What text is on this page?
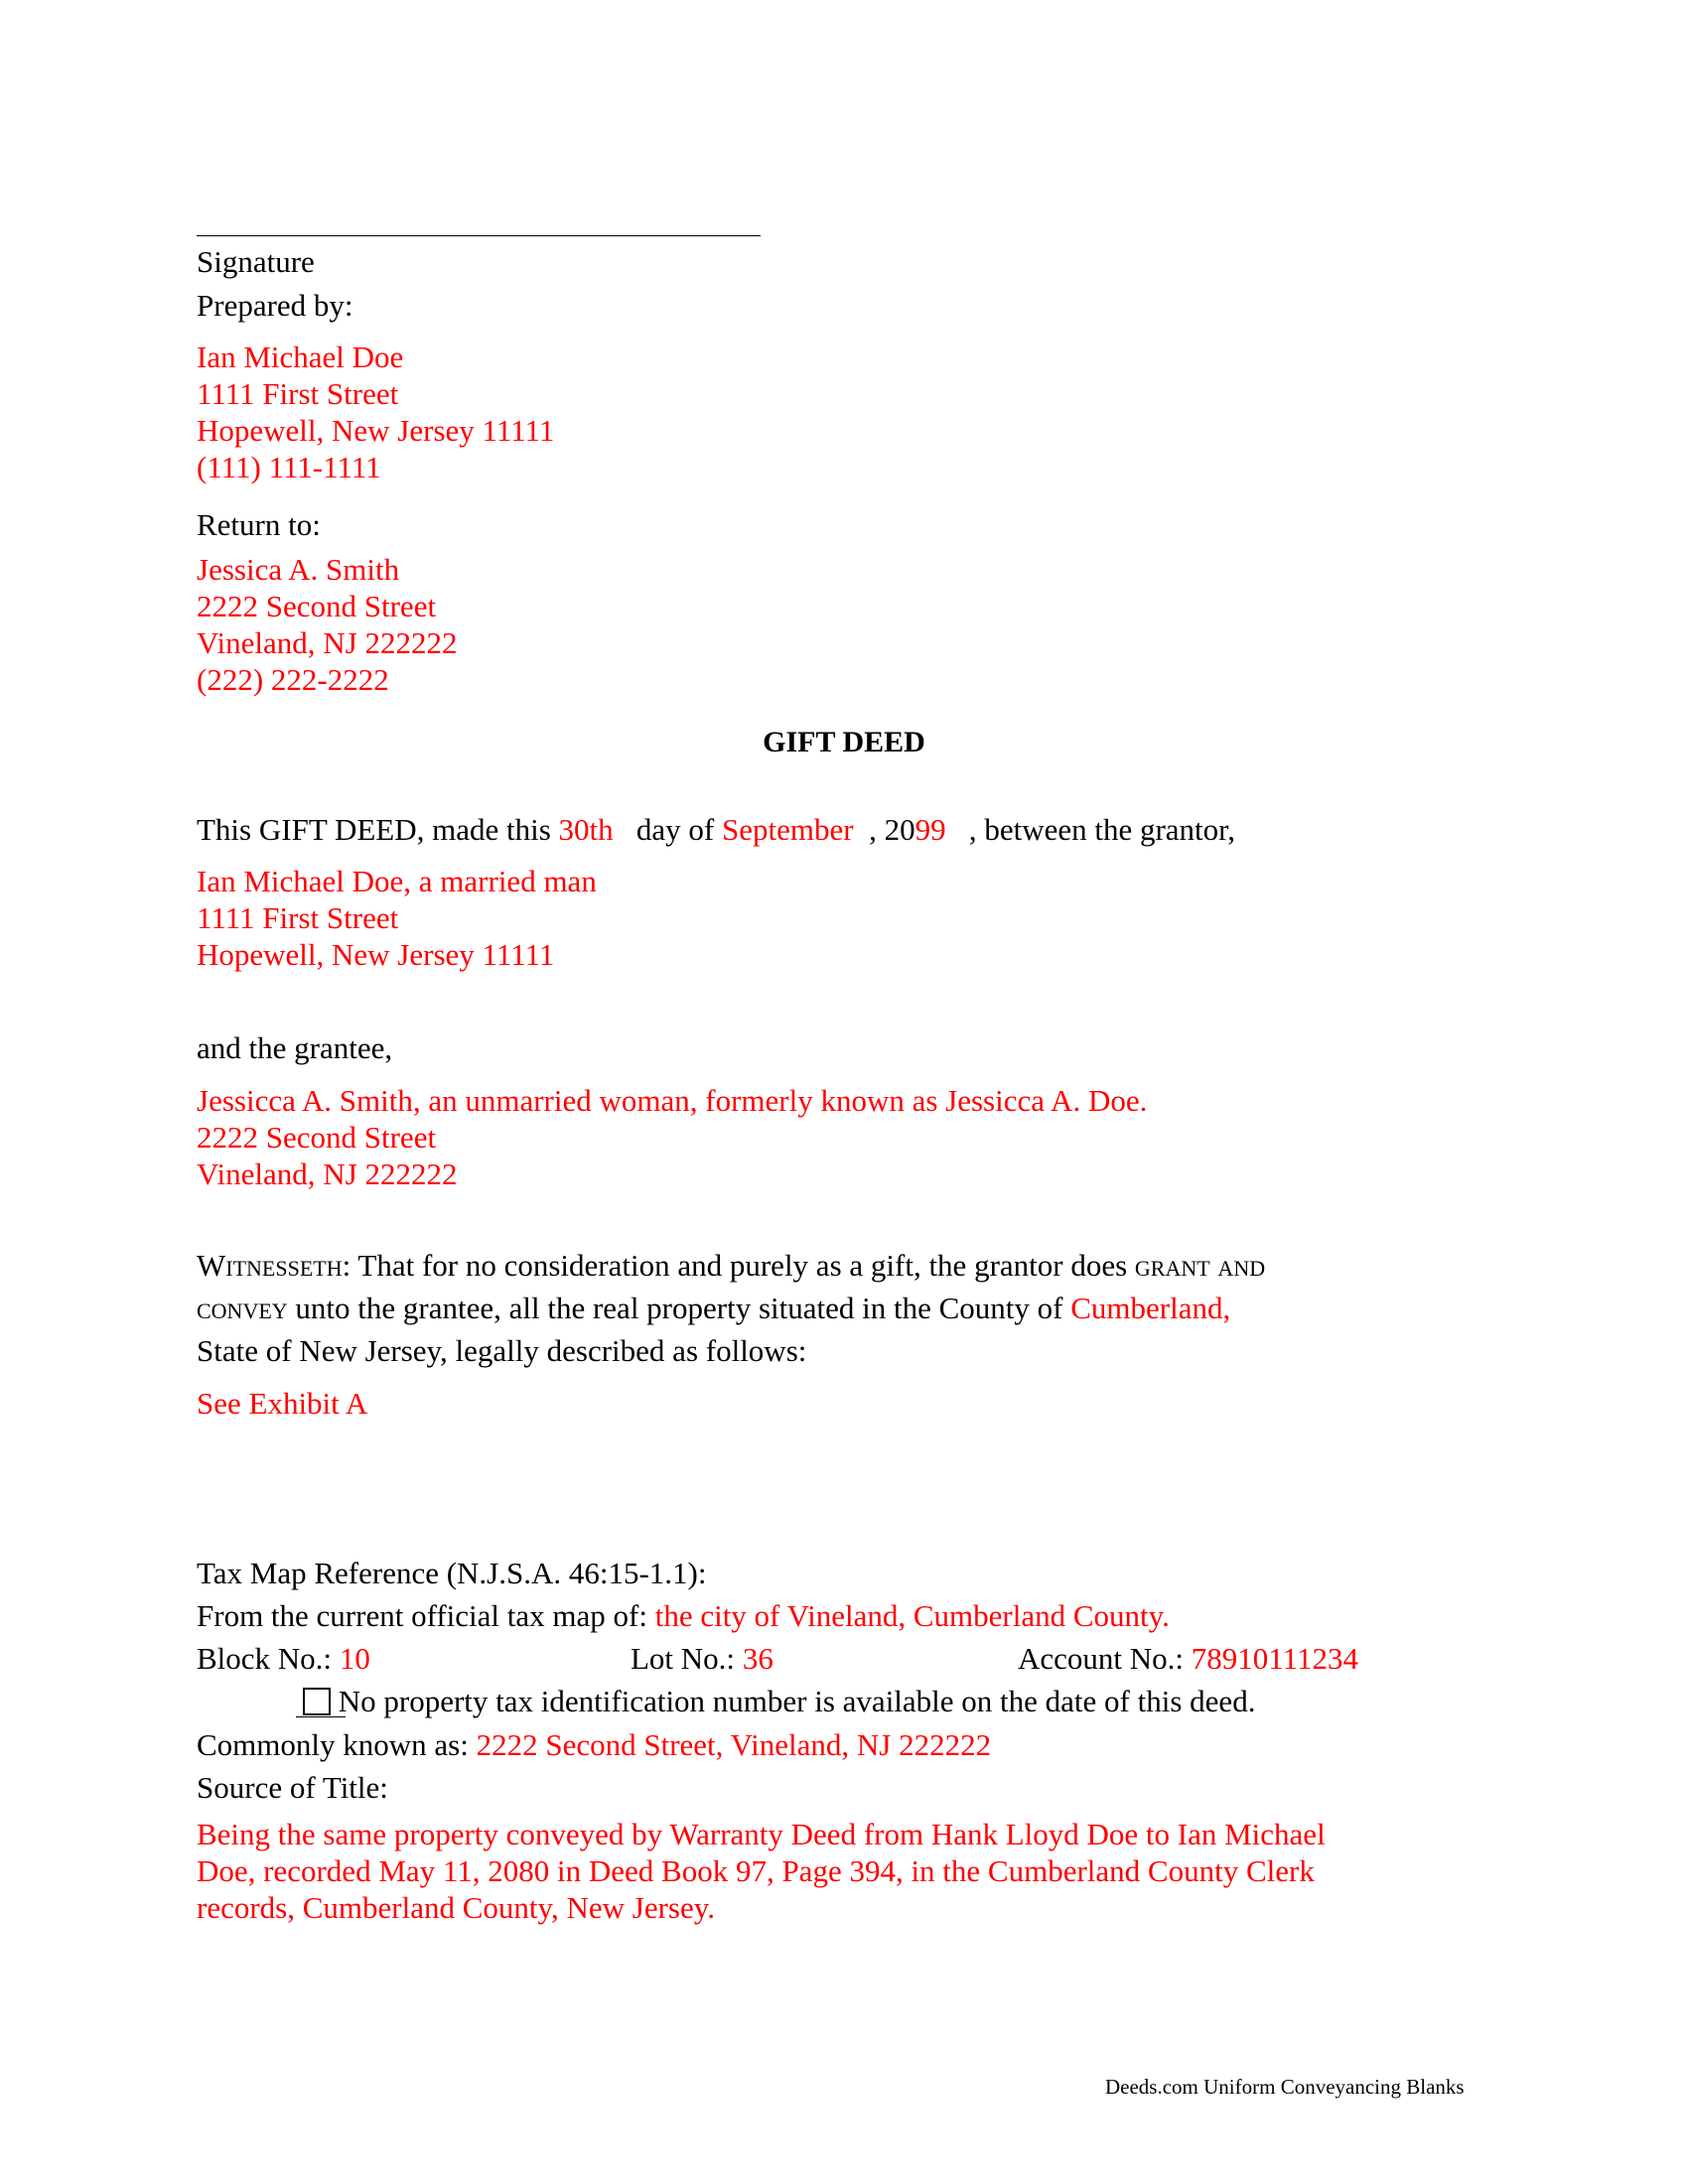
Signature
Prepared by:
Ian Michael Doe
1111 First Street
Hopewell, New Jersey 11111
(111) 111-1111
Return to:
Jessica A. Smith
2222 Second Street
Vineland, NJ 222222
(222) 222-2222
GIFT DEED
This GIFT DEED, made this 30th day of September , 2099 , between the grantor,
Ian Michael Doe, a married man
1111 First Street
Hopewell, New Jersey 11111
and the grantee,
Jessicca A. Smith, an unmarried woman, formerly known as Jessicca A. Doe.
2222 Second Street
Vineland, NJ 222222
Witnesseth: That for no consideration and purely as a gift, the grantor does grant and
convey unto the grantee, all the real property situated in the County of Cumberland,
State of New Jersey, legally described as follows:
See Exhibit A
Tax Map Reference (N.J.S.A. 46:15-1.1):
From the current official tax map of: the city of Vineland, Cumberland County.
Block No.: 10	Lot No.: 36	Account No.: 78910111234
No property tax identification number is available on the date of this deed.
Commonly known as: 2222 Second Street, Vineland, NJ 222222
Source of Title:
Being the same property conveyed by Warranty Deed from Hank Lloyd Doe to Ian Michael
Doe, recorded May 11, 2080 in Deed Book 97, Page 394, in the Cumberland County Clerk
records, Cumberland County, New Jersey.
Deeds.com Uniform Conveyancing Blanks
